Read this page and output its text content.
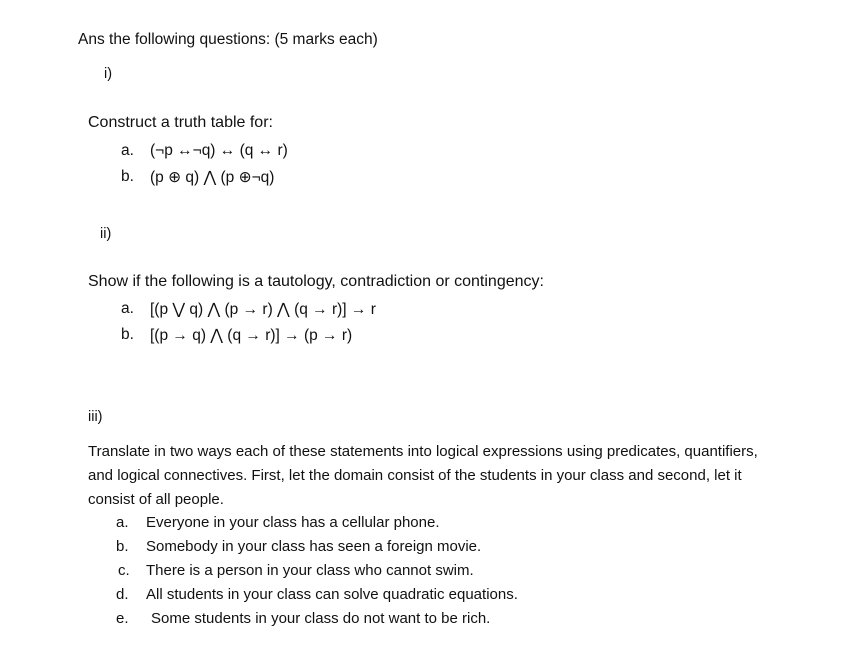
Ans the following questions: (5 marks each)
i)
Construct a truth table for:
a. (¬p ↔¬q) ↔ (q ↔ r)
b. (p ⊕ q) ⋀ (p ⊕¬q)
ii)
Show if the following is a tautology, contradiction or contingency:
a. [(p ⋁ q) ⋀ (p → r) ⋀ (q → r)] → r
b. [(p → q) ⋀ (q → r)] → (p → r)
iii)
Translate in two ways each of these statements into logical expressions using predicates, quantifiers, and logical connectives. First, let the domain consist of the students in your class and second, let it consist of all people.
a. Everyone in your class has a cellular phone.
b. Somebody in your class has seen a foreign movie.
c. There is a person in your class who cannot swim.
d. All students in your class can solve quadratic equations.
e. Some students in your class do not want to be rich.
